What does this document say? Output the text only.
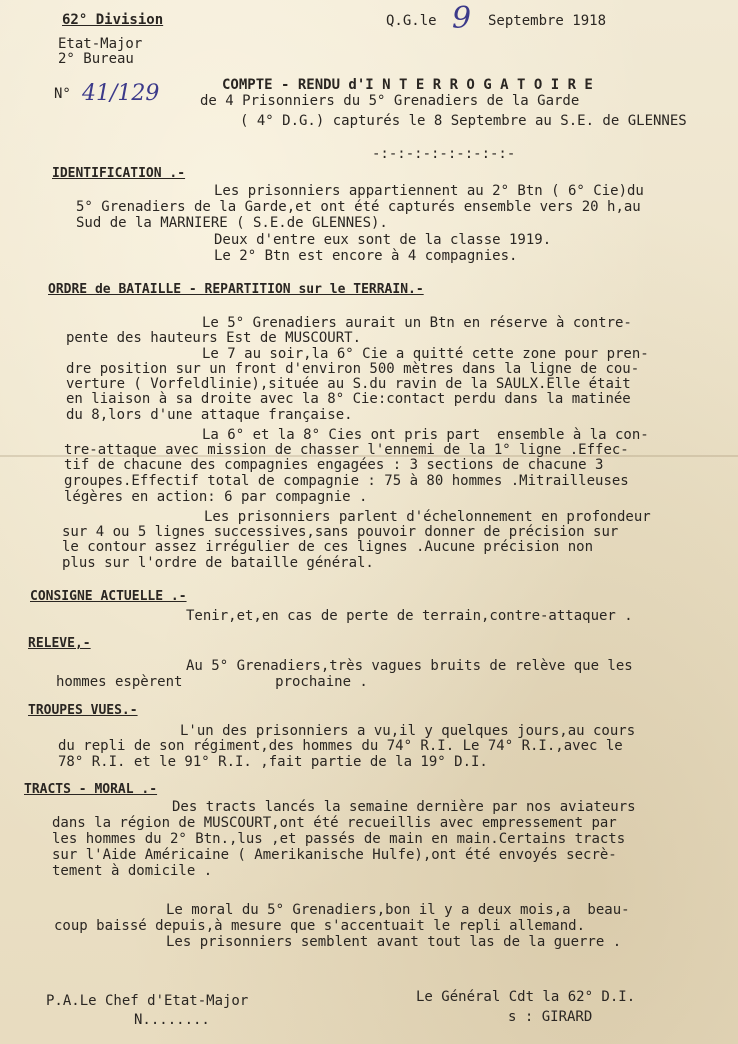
62° Division
Etat-Major
2° Bureau
N° 41/129
Q.G.le 9 Septembre 1918
COMPTE - RENDU d'I N T E R R O G A T O I R E
de 4 Prisonniers du 5° Grenadiers de la Garde
( 4° D.G.) capturés le 8 Septembre au S.E. de GLENNES
-:-:-:-:-:-:-:-:-
IDENTIFICATION .-
Les prisonniers appartiennent au 2° Btn ( 6° Cie)du
5° Grenadiers de la Garde,et ont été capturés ensemble vers 20 h,au
Sud de la MARNIERE ( S.E.de GLENNES).
Deux d'entre eux sont de la classe 1919.
Le 2° Btn est encore à 4 compagnies.
ORDRE de BATAILLE - REPARTITION sur le TERRAIN.-
Le 5° Grenadiers aurait un Btn en réserve à contre-
pente des hauteurs Est de MUSCOURT.
Le 7 au soir,la 6° Cie a quitté cette zone pour pren-
dre position sur un front d'environ 500 mètres dans la ligne de cou-
verture ( Vorfeldlinie),située au S.du ravin de la SAULX.Elle était
en liaison à sa droite avec la 8° Cie:contact perdu dans la matinée
du 8,lors d'une attaque française.
La 6° et la 8° Cies ont pris part  ensemble à la con-
tre-attaque avec mission de chasser l'ennemi de la 1° ligne .Effec-
tif de chacune des compagnies engagées : 3 sections de chacune 3
groupes.Effectif total de compagnie : 75 à 80 hommes .Mitrailleuses
légères en action: 6 par compagnie .
Les prisonniers parlent d'échelonnement en profondeur
sur 4 ou 5 lignes successives,sans pouvoir donner de précision sur
le contour assez irrégulier de ces lignes .Aucune précision non
plus sur l'ordre de bataille général.
CONSIGNE ACTUELLE .-
Tenir,et,en cas de perte de terrain,contre-attaquer .
RELEVE,-
Au 5° Grenadiers,très vagues bruits de relève que les
hommes espèrent           prochaine .
TROUPES VUES.-
L'un des prisonniers a vu,il y quelques jours,au cours
du repli de son régiment,des hommes du 74° R.I. Le 74° R.I.,avec le
78° R.I. et le 91° R.I. ,fait partie de la 19° D.I.
TRACTS - MORAL .-
Des tracts lancés la semaine dernière par nos aviateurs
dans la région de MUSCOURT,ont été recueillis avec empressement par
les hommes du 2° Btn.,lus ,et passés de main en main.Certains tracts
sur l'Aide Américaine ( Amerikanische Hulfe),ont été envoyés secrè-
tement à domicile .
Le moral du 5° Grenadiers,bon il y a deux mois,a  beau-
coup baissé depuis,à mesure que s'accentuait le repli allemand.
Les prisonniers semblent avant tout las de la guerre .
P.A.Le Chef d'Etat-Major
N........
Le Général Cdt la 62° D.I.
s : GIRARD
